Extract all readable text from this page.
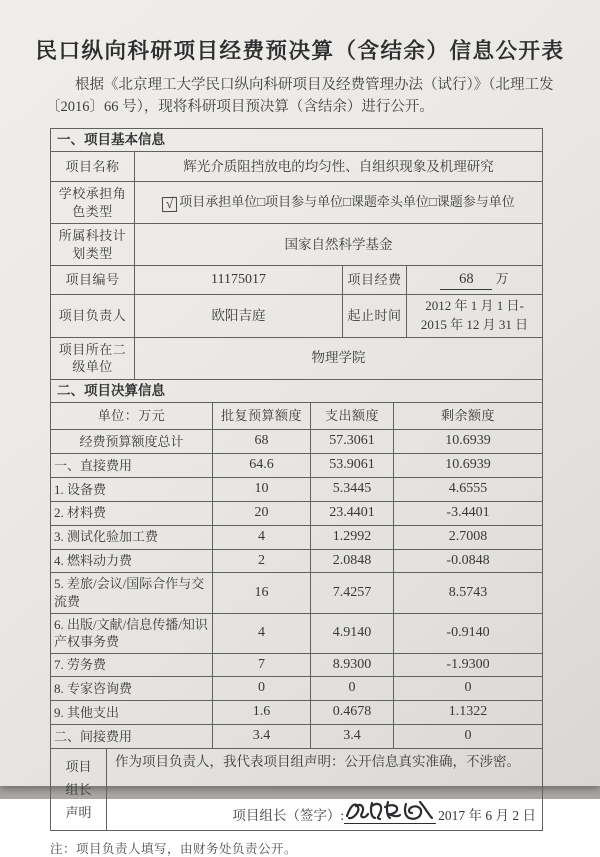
民口纵向科研项目经费预决算（含结余）信息公开表

根据《北京理工大学民口纵向科研项目及经费管理办法（试行）》（北理工发〔2016〕66 号），现将科研项目预决算（含结余）进行公开。

一、项目基本信息			
项目名称	辉光介质阻挡放电的均匀性、自组织现象及机理研究		
学校承担角色类型	√ 项目承担单位□项目参与单位□课题牵头单位□课题参与单位		
所属科技计划类型	国家自然科学基金		
项目编号	11175017	项目经费	68 万
项目负责人	欧阳吉庭	起止时间	2012 年 1 月 1 日-
2015 年 12 月 31 日

项目所在二级单位	物理学院		
二、项目决算信息			
单位：万元	批复预算额度	支出额度	剩余额度
经费预算额度总计	68	57.3061	10.6939
一、直接费用	64.6	53.9061	10.6939
1. 设备费	10	5.3445	4.6555
2. 材料费	20	23.4401	-3.4401
3. 测试化验加工费	4	1.2992	2.7008
4. 燃料动力费	2	2.0848	-0.0848
5. 差旅/会议/国际合作与交流费	16	7.4257	8.5743
6. 出版/文献/信息传播/知识产权事务费	4	4.9140	-0.9140
7. 劳务费	7	8.9300	-1.9300
8. 专家咨询费	0	0	0
9. 其他支出	1.6	0.4678	1.1322
二、间接费用	3.4	3.4	0
项目
组长
声明

作为项目负责人，我代表项目组声明：公开信息真实准确，不涉密。
项目组长（签字）:	2017 年 6 月 2 日

注：项目负责人填写，由财务处负责公开。
